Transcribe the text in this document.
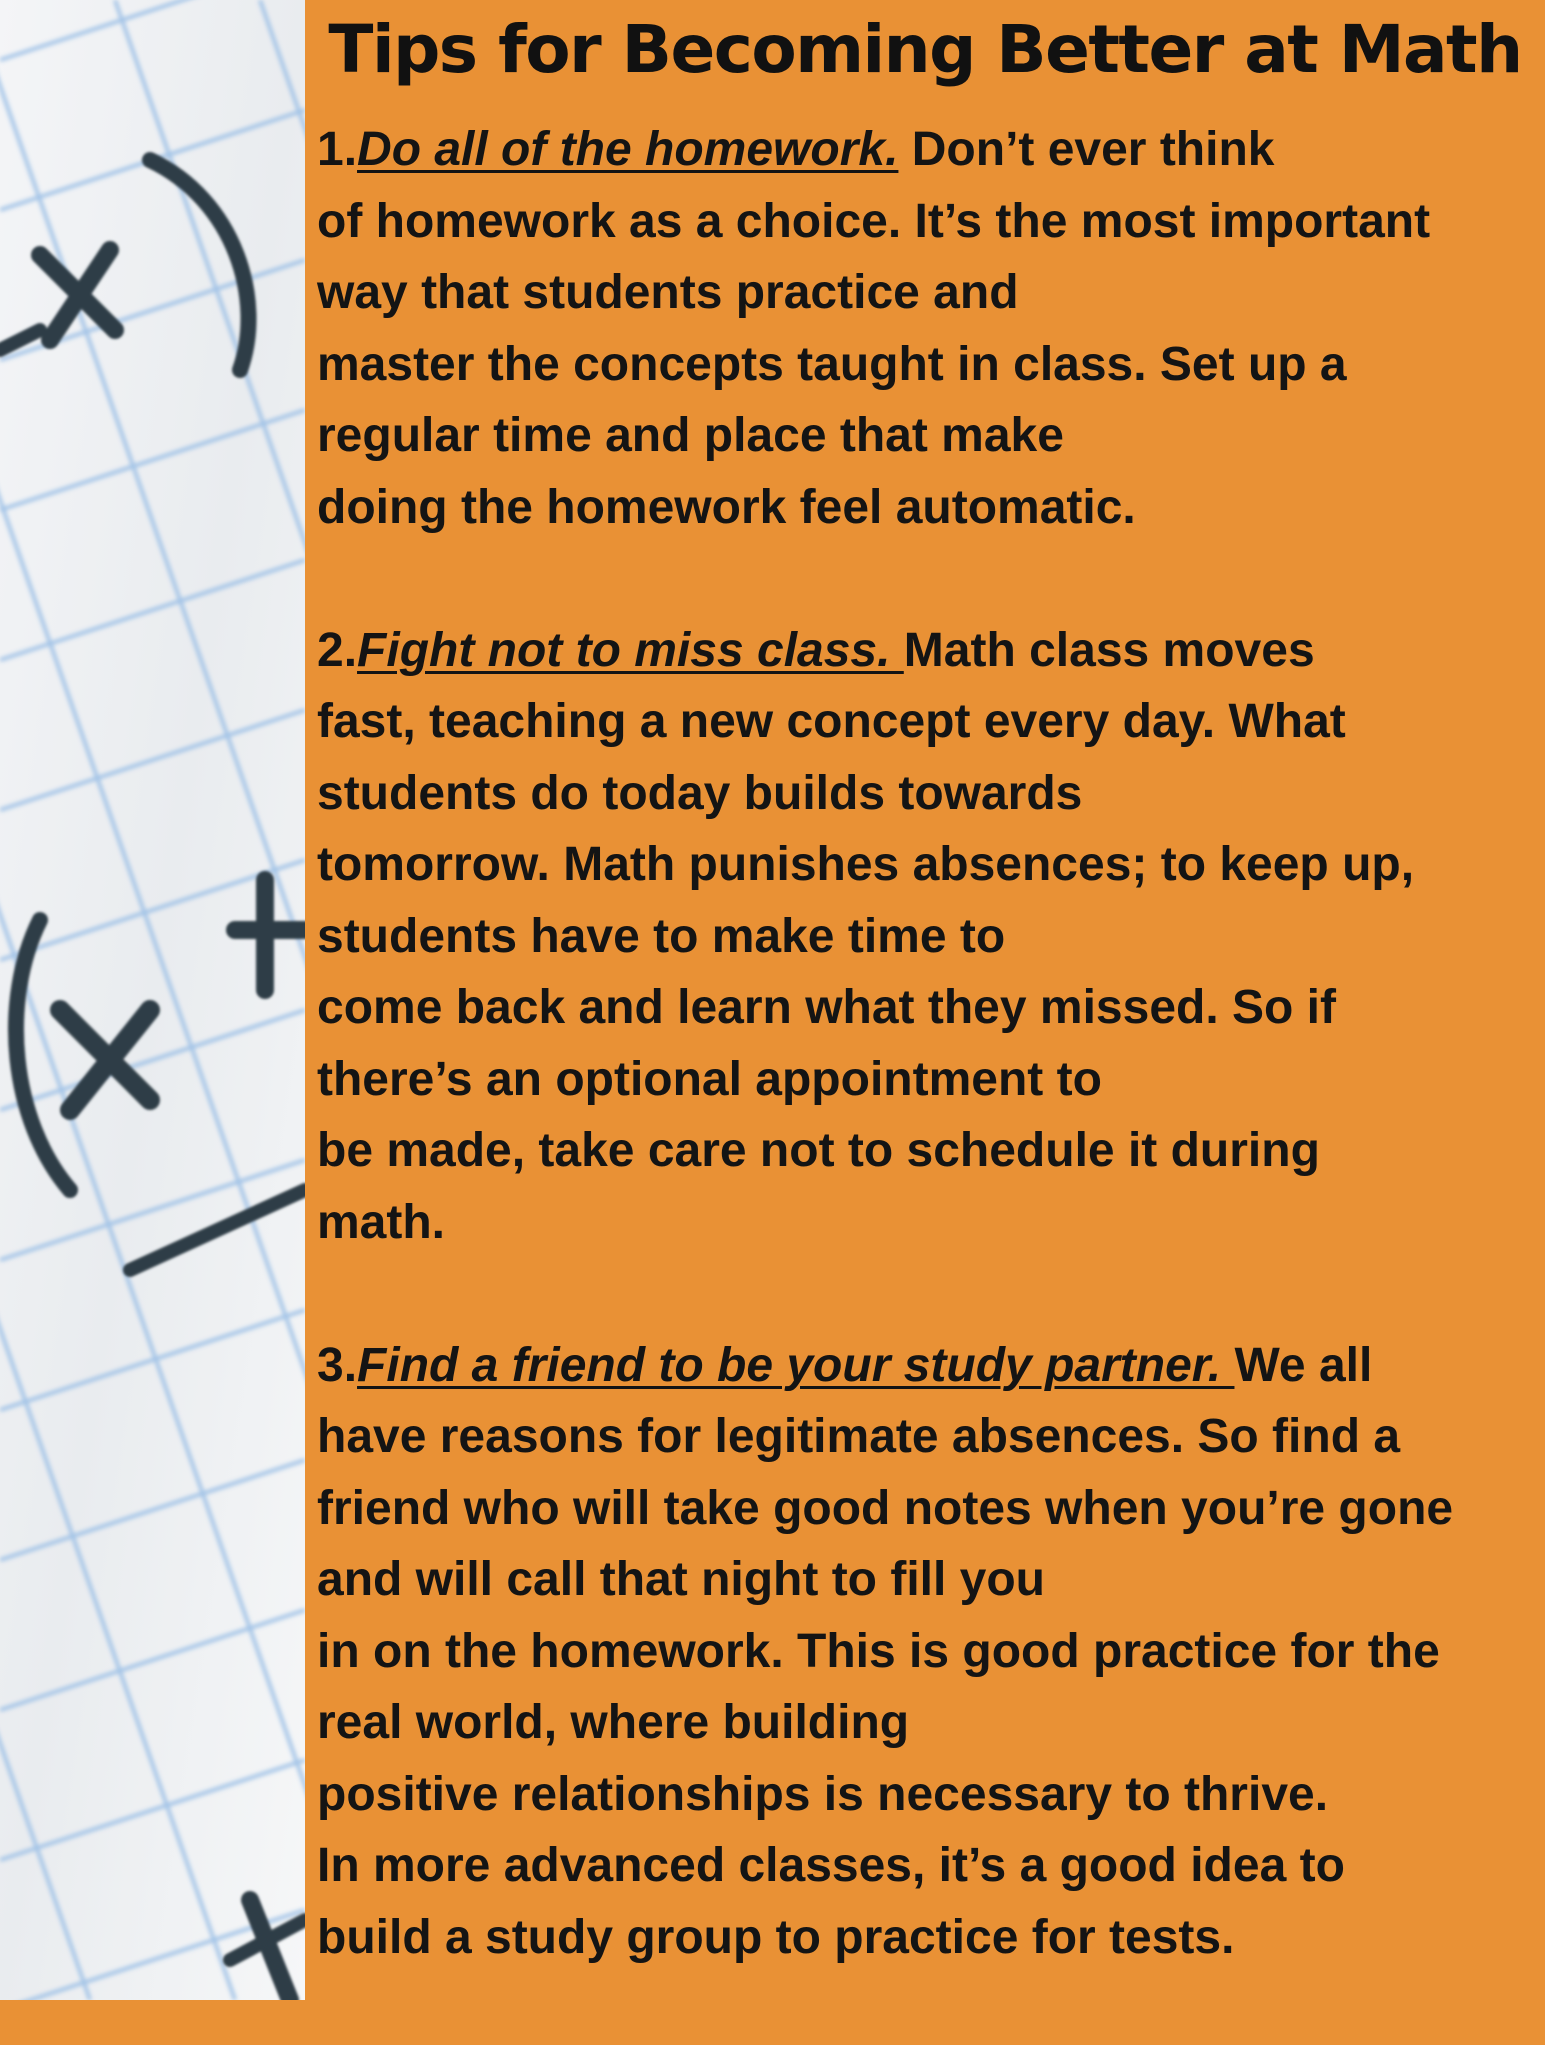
Tips for Becoming Better at Math
1.Do all of the homework. Don’t ever think
of homework as a choice. It’s the most important
way that students practice and
master the concepts taught in class. Set up a
regular time and place that make
doing the homework feel automatic.
2.Fight not to miss class. Math class moves
fast, teaching a new concept every day. What
students do today builds towards
tomorrow. Math punishes absences; to keep up,
students have to make time to
come back and learn what they missed. So if
there’s an optional appointment to
be made, take care not to schedule it during
math.
3.Find a friend to be your study partner. We all
have reasons for legitimate absences. So find a
friend who will take good notes when you’re gone
and will call that night to fill you
in on the homework. This is good practice for the
real world, where building
positive relationships is necessary to thrive.
In more advanced classes, it’s a good idea to
build a study group to practice for tests.
